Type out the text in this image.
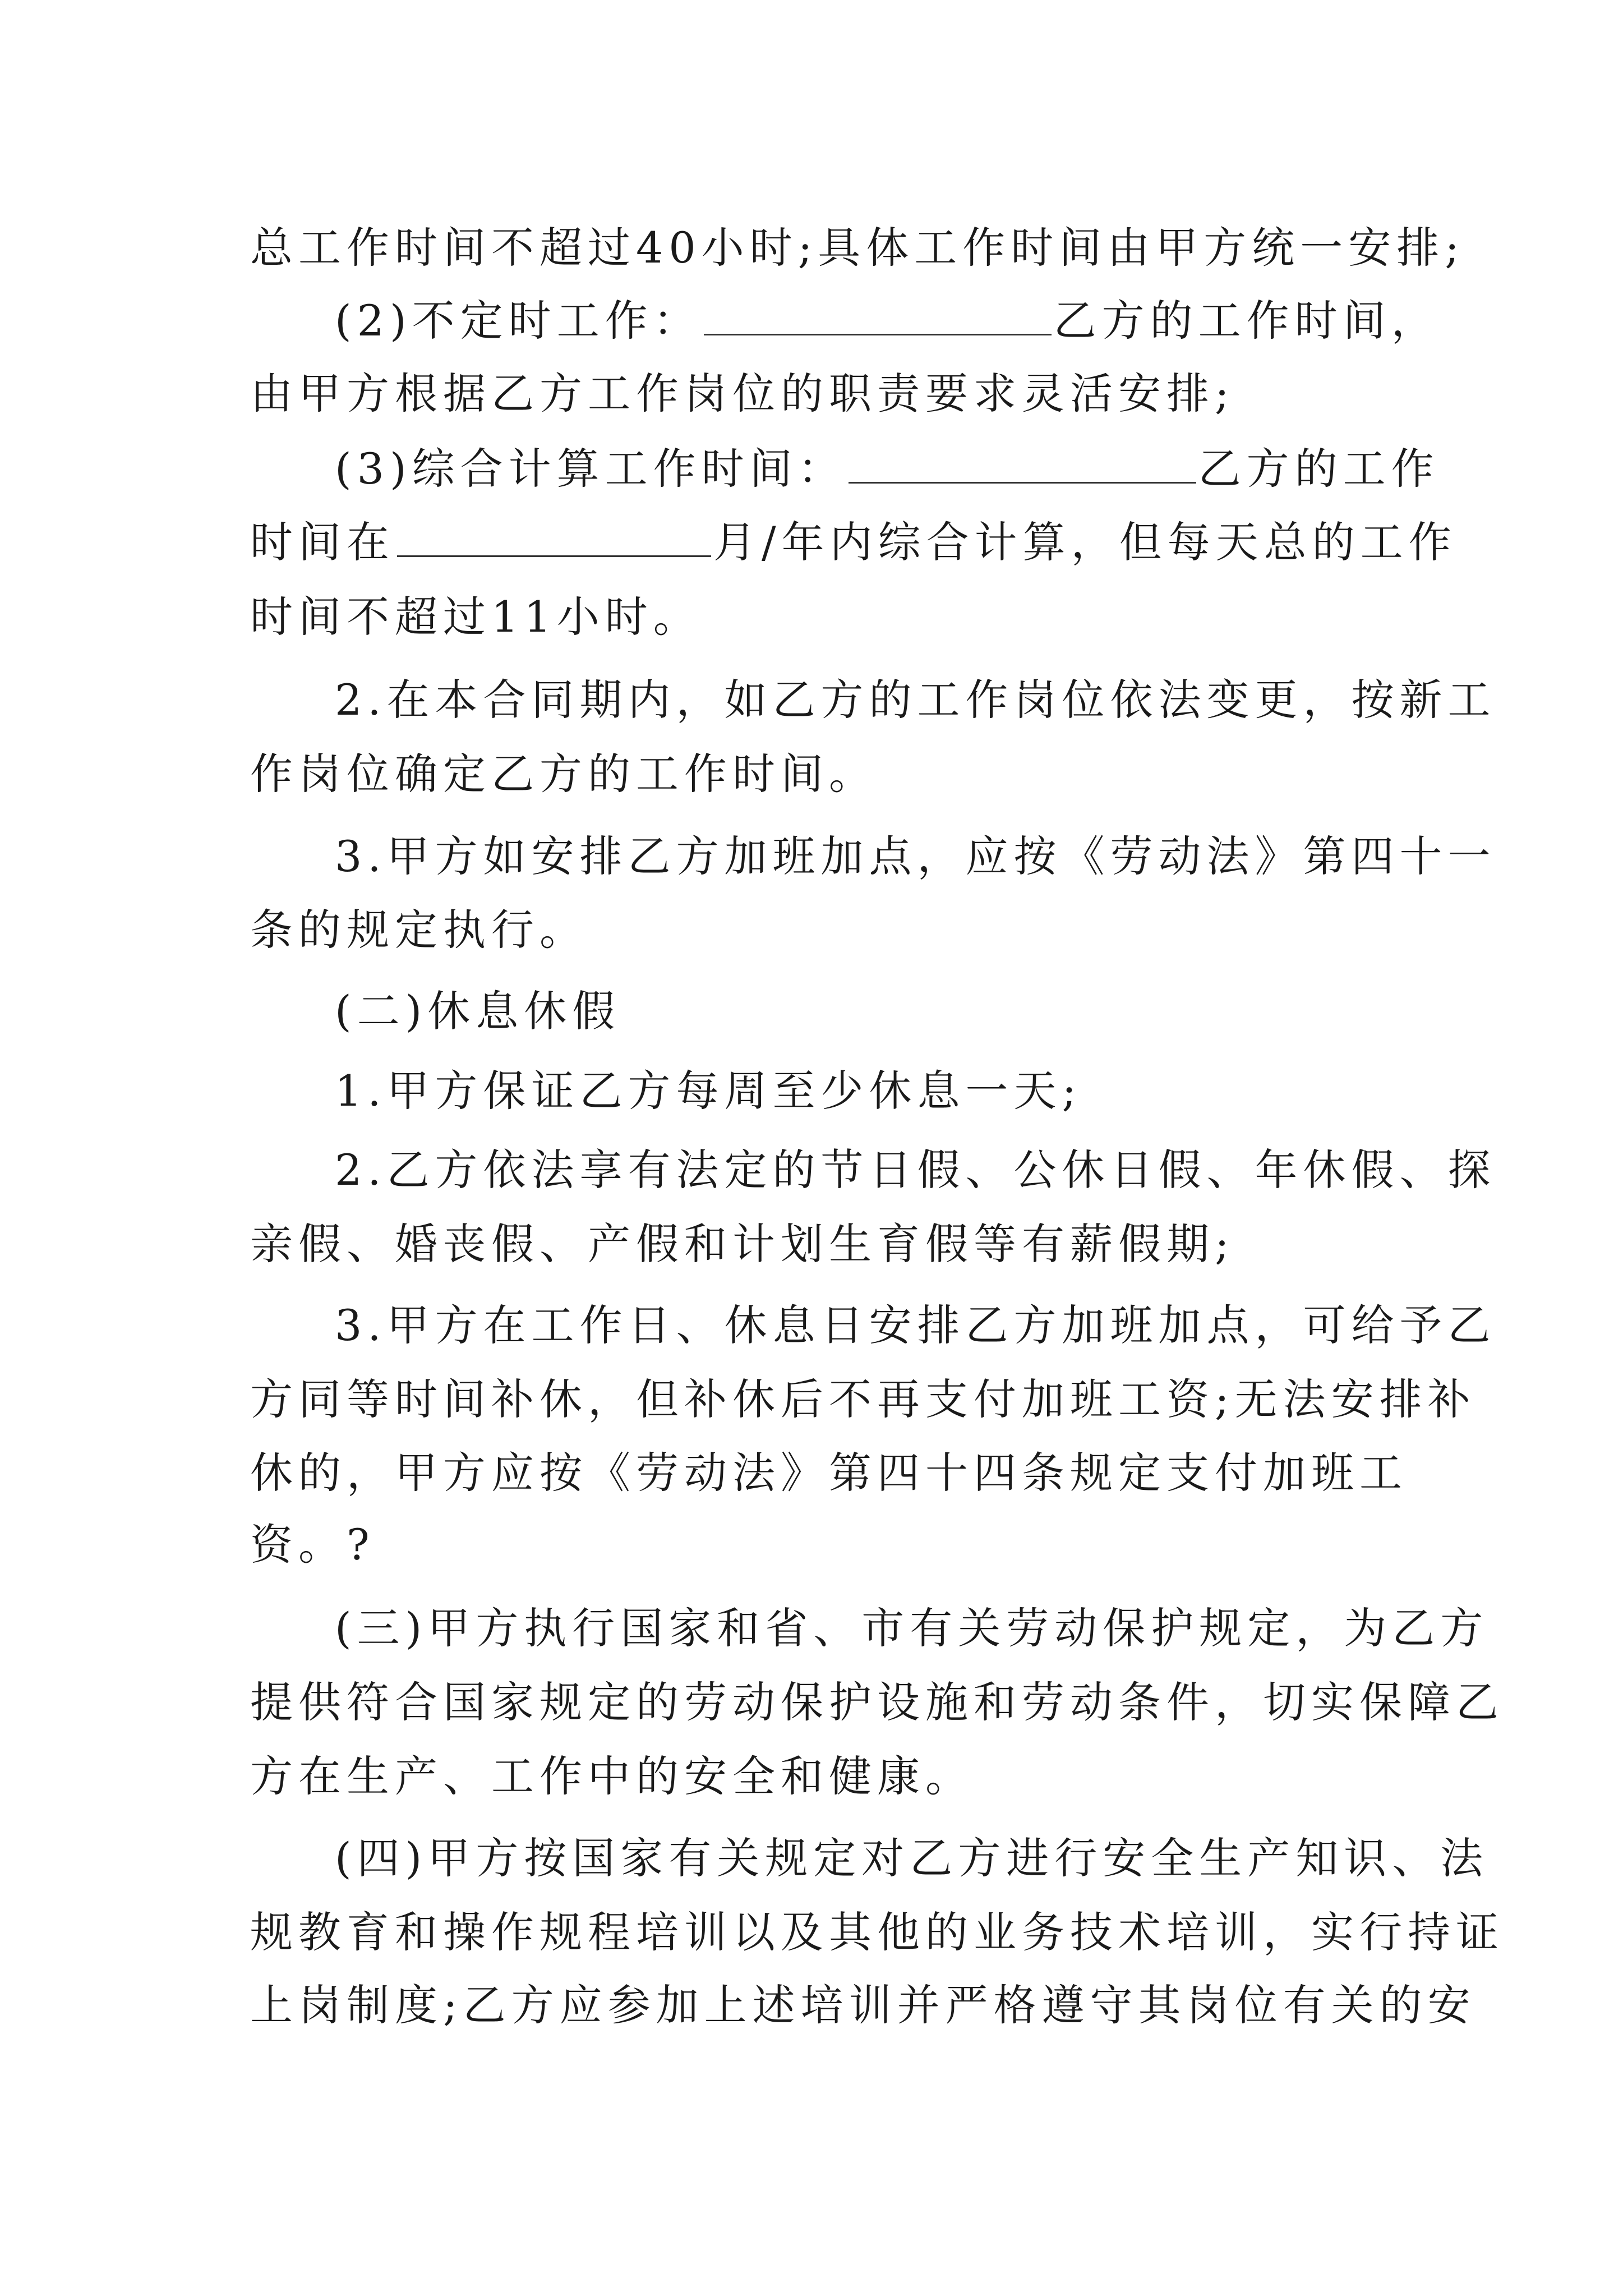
总工作时间不超过40小时;具体工作时间由甲方统一安排;
(2)不定时工作：	乙方的工作时间，
由甲方根据乙方工作岗位的职责要求灵活安排;
(3)综合计算工作时间：	乙方的工作
时间在	月/年内综合计算，但每天总的工作
时间不超过11小时。
2.在本合同期内，如乙方的工作岗位依法变更，按新工
作岗位确定乙方的工作时间。
3.甲方如安排乙方加班加点，应按《劳动法》第四十一
条的规定执行。
(二)休息休假
1.甲方保证乙方每周至少休息一天;
2.乙方依法享有法定的节日假、公休日假、年休假、探
亲假、婚丧假、产假和计划生育假等有薪假期;
3.甲方在工作日、休息日安排乙方加班加点，可给予乙
方同等时间补休，但补休后不再支付加班工资;无法安排补
休的，甲方应按《劳动法》第四十四条规定支付加班工
资。?
(三)甲方执行国家和省、市有关劳动保护规定，为乙方
提供符合国家规定的劳动保护设施和劳动条件，切实保障乙
方在生产、工作中的安全和健康。
(四)甲方按国家有关规定对乙方进行安全生产知识、法
规教育和操作规程培训以及其他的业务技术培训，实行持证
上岗制度;乙方应参加上述培训并严格遵守其岗位有关的安
